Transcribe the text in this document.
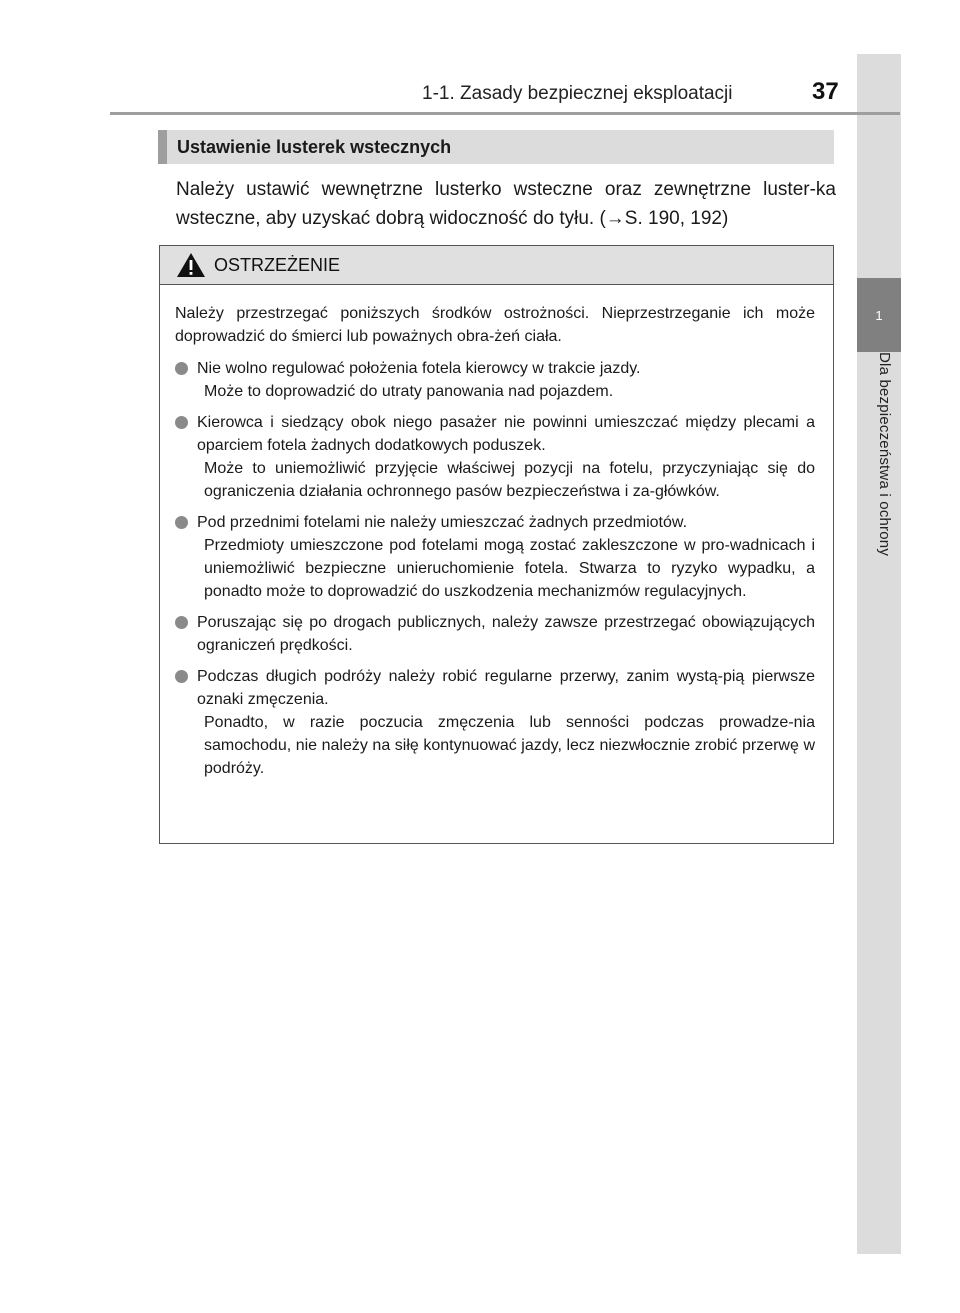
1
Dla bezpieczeństwa i ochrony
1-1. Zasady bezpiecznej eksploatacji	37
Ustawienie lusterek wstecznych

Należy ustawić wewnętrzne lusterko wsteczne oraz zewnętrzne luster-ka wsteczne, aby uzyskać dobrą widoczność do tyłu. (→S. 190, 192)

OSTRZEŻENIE

Należy przestrzegać poniższych środków ostrożności. Nieprzestrzeganie ich może doprowadzić do śmierci lub poważnych obra-żeń ciała.

Nie wolno regulować położenia fotela kierowcy w trakcie jazdy.

Może to doprowadzić do utraty panowania nad pojazdem.

Kierowca i siedzący obok niego pasażer nie powinni umieszczać między plecami a oparciem fotela żadnych dodatkowych poduszek.

Może to uniemożliwić przyjęcie właściwej pozycji na fotelu, przyczyniając się do ograniczenia działania ochronnego pasów bezpieczeństwa i za-główków.

Pod przednimi fotelami nie należy umieszczać żadnych przedmiotów.

Przedmioty umieszczone pod fotelami mogą zostać zakleszczone w pro-wadnicach i uniemożliwić bezpieczne unieruchomienie fotela. Stwarza to ryzyko wypadku, a ponadto może to doprowadzić do uszkodzenia mechanizmów regulacyjnych.

Poruszając się po drogach publicznych, należy zawsze przestrzegać obowiązujących ograniczeń prędkości.

Podczas długich podróży należy robić regularne przerwy, zanim wystą-pią pierwsze oznaki zmęczenia.

Ponadto, w razie poczucia zmęczenia lub senności podczas prowadze-nia samochodu, nie należy na siłę kontynuować jazdy, lecz niezwłocznie zrobić przerwę w podróży.
